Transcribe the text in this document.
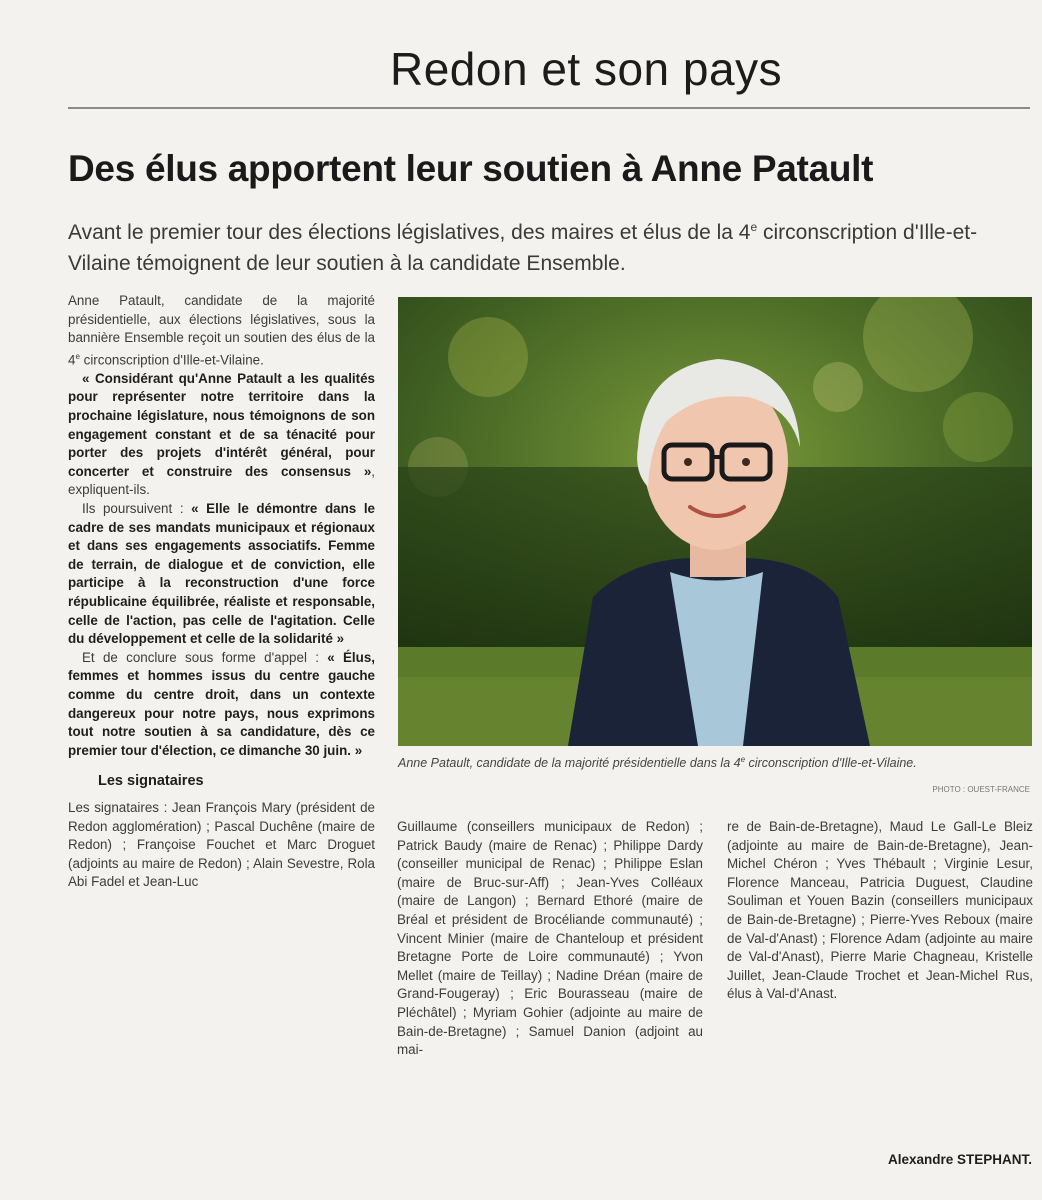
Redon et son pays
Des élus apportent leur soutien à Anne Patault
Avant le premier tour des élections législatives, des maires et élus de la 4e circonscription d'Ille-et-Vilaine témoignent de leur soutien à la candidate Ensemble.

Anne Patault, candidate de la majorité présidentielle, aux élections législatives, sous la bannière Ensemble reçoit un soutien des élus de la 4e circonscription d'Ille-et-Vilaine.

« Considérant qu'Anne Patault a les qualités pour représenter notre territoire dans la prochaine législature, nous témoignons de son engagement constant et de sa ténacité pour porter des projets d'intérêt général, pour concerter et construire des consensus », expliquent-ils.

Ils poursuivent : « Elle le démontre dans le cadre de ses mandats municipaux et régionaux et dans ses engagements associatifs. Femme de terrain, de dialogue et de conviction, elle participe à la reconstruction d'une force républicaine équilibrée, réaliste et responsable, celle de l'action, pas celle de l'agitation. Celle du développement et celle de la solidarité »

Et de conclure sous forme d'appel : « Élus, femmes et hommes issus du centre gauche comme du centre droit, dans un contexte dangereux pour notre pays, nous exprimons tout notre soutien à sa candidature, dès ce premier tour d'élection, ce dimanche 30 juin. »

Les signataires

Les signataires : Jean François Mary (président de Redon agglomération) ; Pascal Duchêne (maire de Redon) ; Françoise Fouchet et Marc Droguet (adjoints au maire de Redon) ; Alain Sevestre, Rola Abi Fadel et Jean-Luc

Anne Patault, candidate de la majorité présidentielle dans la 4e circonscription d'Ille-et-Vilaine.
PHOTO : OUEST-FRANCE

Guillaume (conseillers municipaux de Redon) ; Patrick Baudy (maire de Renac) ; Philippe Dardy (conseiller municipal de Renac) ; Philippe Eslan (maire de Bruc-sur-Aff) ; Jean-Yves Colléaux (maire de Langon) ; Bernard Ethoré (maire de Bréal et président de Brocéliande communauté) ; Vincent Minier (maire de Chanteloup et président Bretagne Porte de Loire communauté) ; Yvon Mellet (maire de Teillay) ; Nadine Dréan (maire de Grand-Fougeray) ; Eric Bourasseau (maire de Pléchâtel) ; Myriam Gohier (adjointe au maire de Bain-de-Bretagne) ; Samuel Danion (adjoint au mai-

re de Bain-de-Bretagne), Maud Le Gall-Le Bleiz (adjointe au maire de Bain-de-Bretagne), Jean-Michel Chéron ; Yves Thébault ; Virginie Lesur, Florence Manceau, Patricia Duguest, Claudine Souliman et Youen Bazin (conseillers municipaux de Bain-de-Bretagne) ; Pierre-Yves Reboux (maire de Val-d'Anast) ; Florence Adam (adjointe au maire de Val-d'Anast), Pierre Marie Chagneau, Kristelle Juillet, Jean-Claude Trochet et Jean-Michel Rus, élus à Val-d'Anast.

Alexandre STEPHANT.
